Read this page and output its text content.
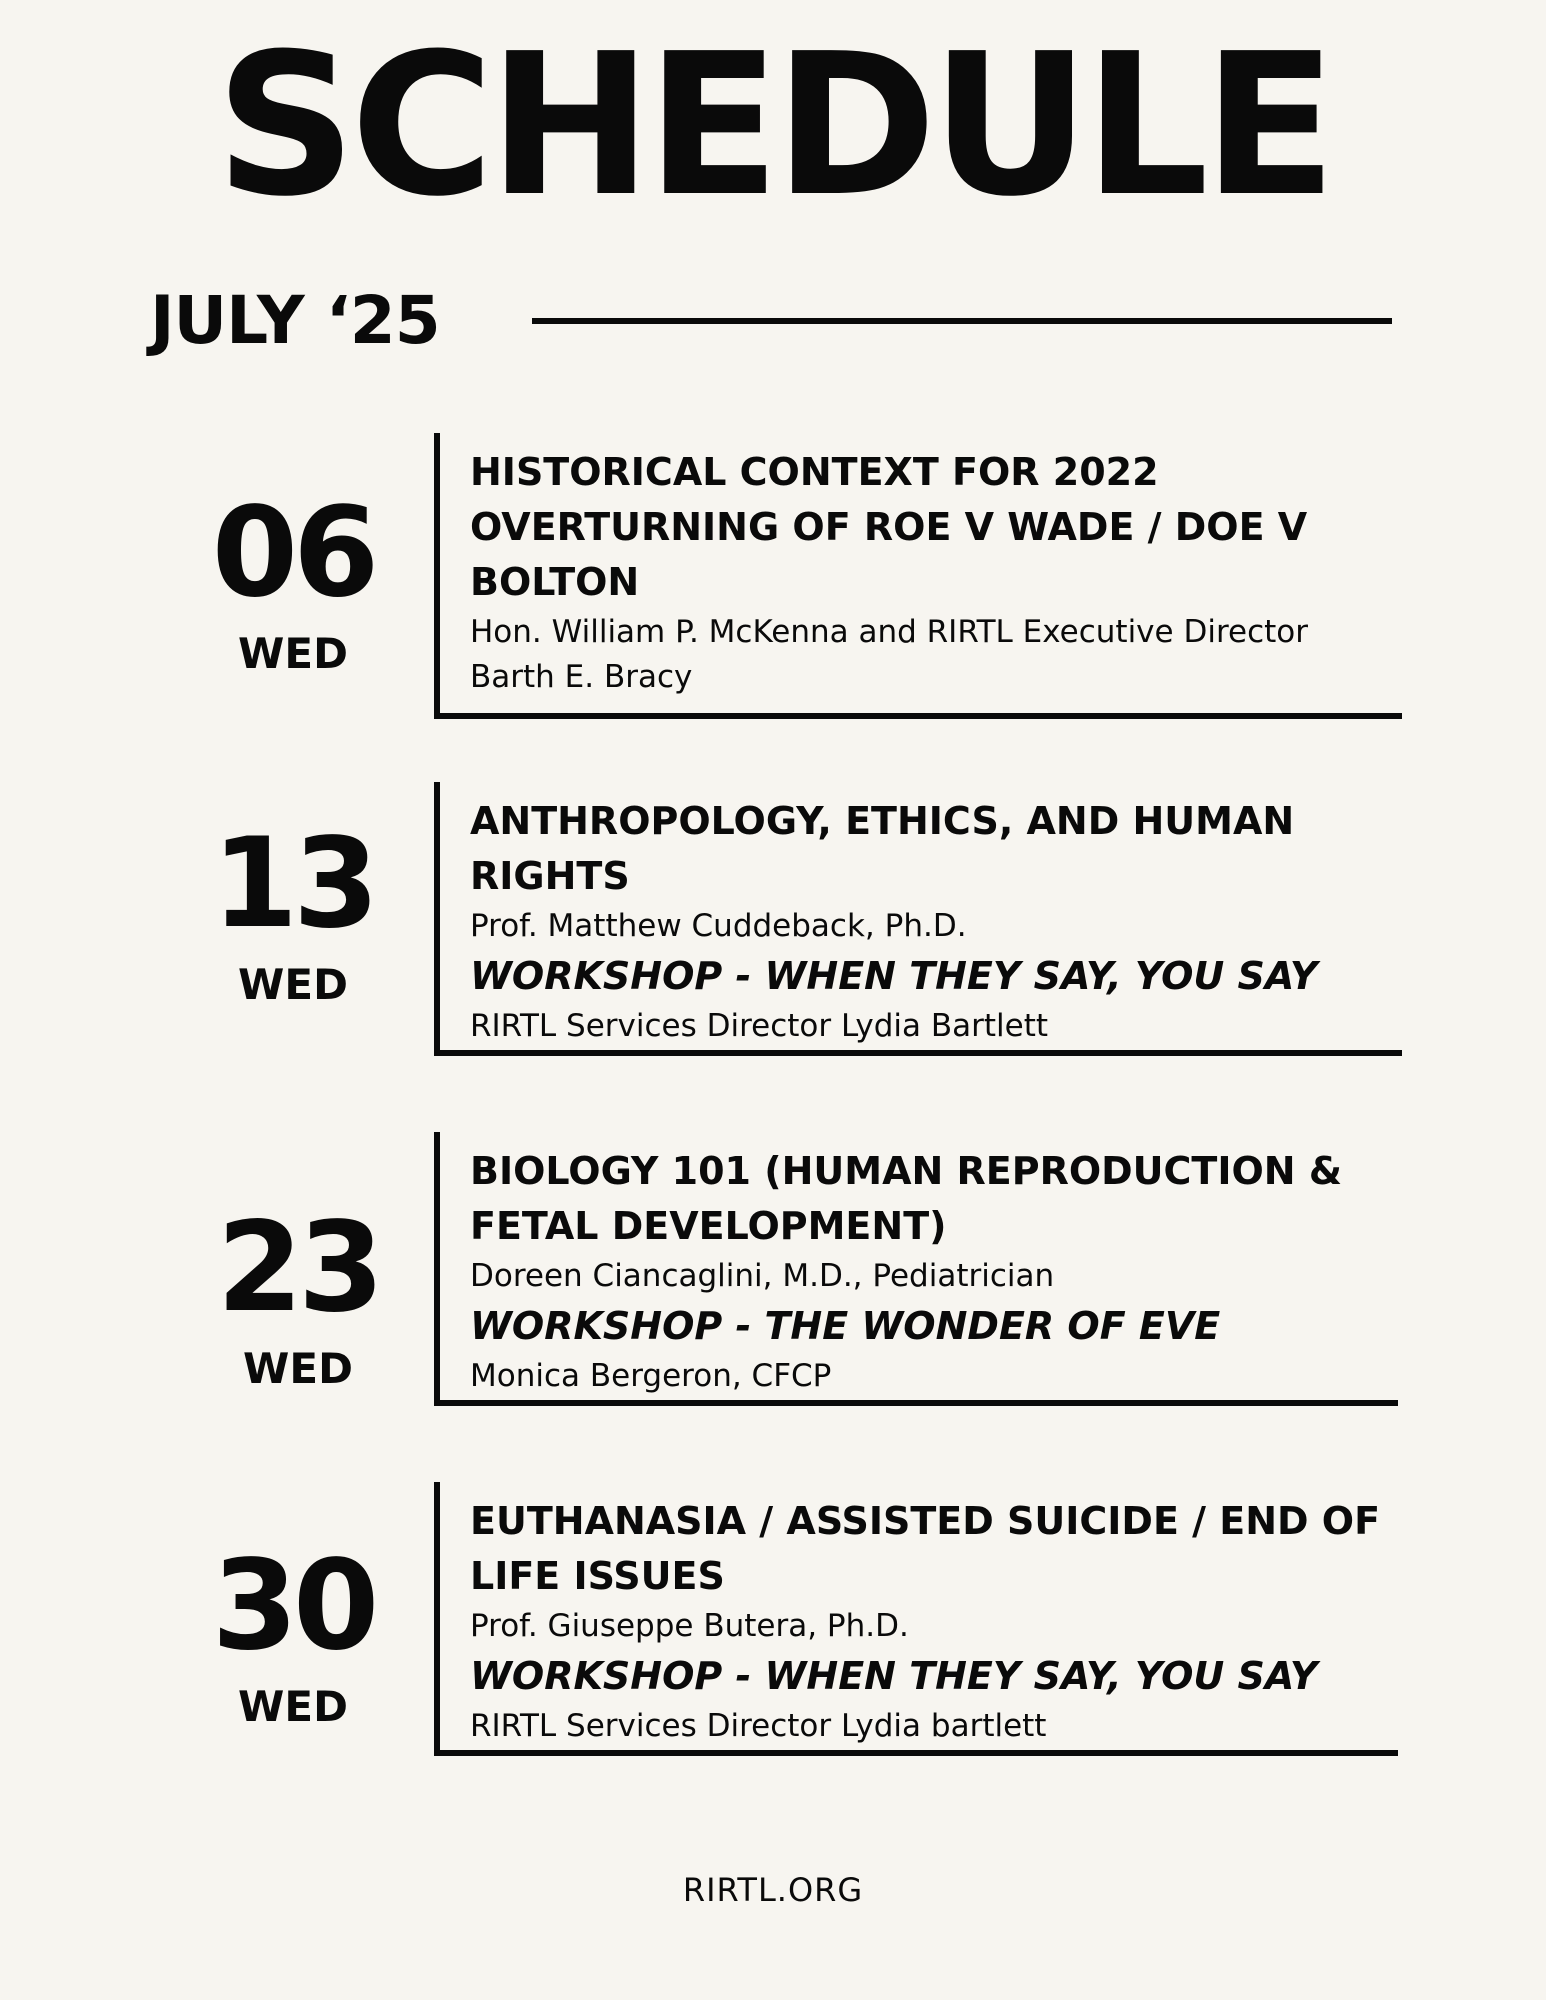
SCHEDULE
JULY ‘25
06
WED

HISTORICAL CONTEXT FOR 2022 OVERTURNING OF ROE V WADE / DOE V BOLTON

Hon. William P. McKenna and RIRTL Executive Director Barth E. Bracy

13
WED

ANTHROPOLOGY, ETHICS, AND HUMAN RIGHTS

Prof. Matthew Cuddeback, Ph.D.

WORKSHOP - WHEN THEY SAY, YOU SAY

RIRTL Services Director Lydia Bartlett

23
WED

BIOLOGY 101 (HUMAN REPRODUCTION & FETAL DEVELOPMENT)

Doreen Ciancaglini, M.D., Pediatrician

WORKSHOP - THE WONDER OF EVE

Monica Bergeron, CFCP

30
WED

EUTHANASIA / ASSISTED SUICIDE / END OF LIFE ISSUES

Prof. Giuseppe Butera, Ph.D.

WORKSHOP - WHEN THEY SAY, YOU SAY

RIRTL Services Director Lydia bartlett

RIRTL.ORG
